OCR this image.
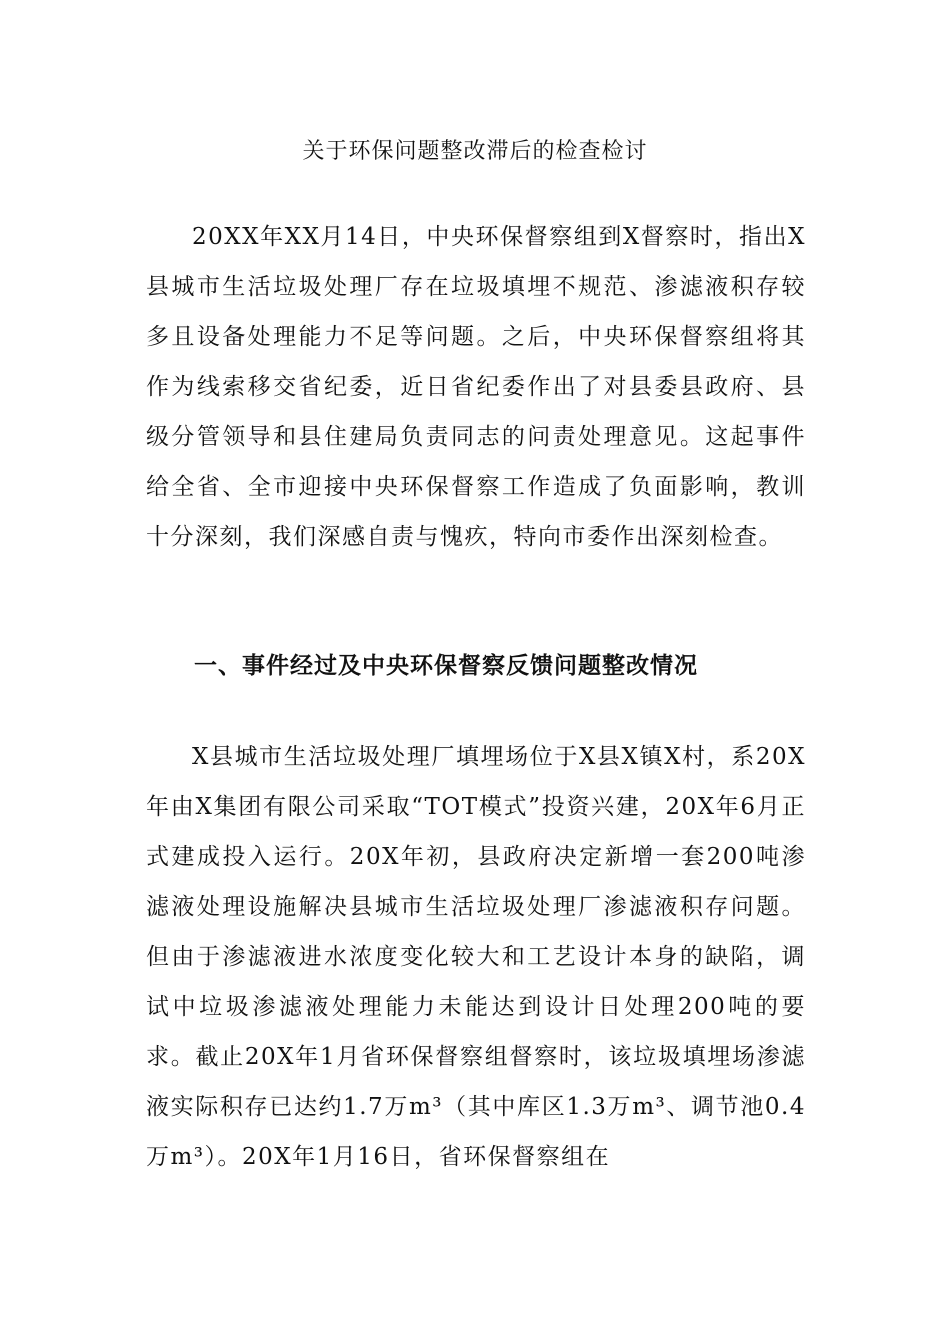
关于环保问题整改滞后的检查检讨

20XX年XX月14日，中央环保督察组到X督察时，指出X县城市生活垃圾处理厂存在垃圾填埋不规范、渗滤液积存较多且设备处理能力不足等问题。之后，中央环保督察组将其作为线索移交省纪委，近日省纪委作出了对县委县政府、县级分管领导和县住建局负责同志的问责处理意见。这起事件给全省、全市迎接中央环保督察工作造成了负面影响，教训十分深刻，我们深感自责与愧疚，特向市委作出深刻检查。

一、事件经过及中央环保督察反馈问题整改情况

X县城市生活垃圾处理厂填埋场位于X县X镇X村，系20X年由X集团有限公司采取“TOT模式”投资兴建，20X年6月正式建成投入运行。20X年初，县政府决定新增一套200吨渗滤液处理设施解决县城市生活垃圾处理厂渗滤液积存问题。但由于渗滤液进水浓度变化较大和工艺设计本身的缺陷，调试中垃圾渗滤液处理能力未能达到设计日处理200吨的要求。截止20X年1月省环保督察组督察时，该垃圾填埋场渗滤液实际积存已达约1.7万m³（其中库区1.3万m³、调节池0.4万m³）。20X年1月16日，省环保督察组在
